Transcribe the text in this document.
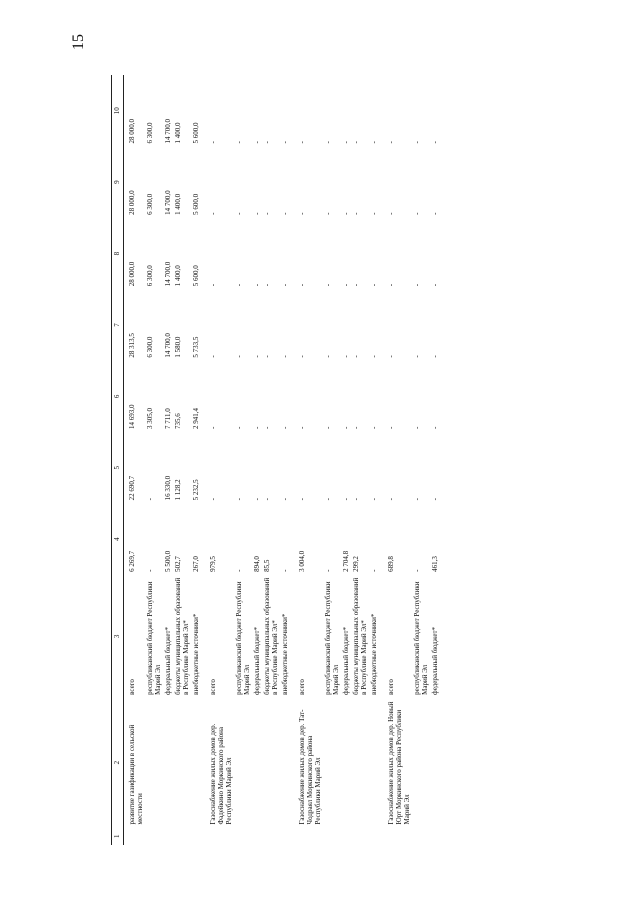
15
1	2	3	4	5	6	7	8	9	10
	развитие газификации в сельской местности	всего	6 269,7	22 690,7	14 693,0	28 313,5	28 000,0	28 000,0	28 000,0
		республиканский бюджет Республики Марий Эл	-	-	3 305,0	6 300,0	6 300,0	6 300,0	6 300,0
		федеральный бюджет*	5 500,0	16 330,0	7 711,0	14 700,0	14 700,0	14 700,0	14 700,0
		бюджеты муниципальных образований в Республике Марий Эл*	502,7	1 128,2	735,6	1 580,0	1 400,0	1 400,0	1 400,0
		внебюджетные источники*	267,0	5 232,5	2 941,4	5 733,5	5 600,0	5 600,0	5 600,0
	Газоснабжение жилых домов дер. Фадейкино Моркинского района Республики Марий Эл	всего	979,5	-	-	-	-	-	-
		республиканский бюджет Республики Марий Эл	-	-	-	-	-	-	-
		федеральный бюджет*	894,0	-	-	-	-	-	-
		бюджеты муниципальных образований в Республике Марий Эл*	85,5	-	-	-	-	-	-
		внебюджетные источники*	-	-	-	-	-	-	-
	Газоснабжение жилых домов дер. Тат-Чодраял Моркинского района Республики Марий Эл	всего	3 004,0	-	-	-	-	-	-
		республиканский бюджет Республики Марий Эл	-	-	-	-	-	-	-
		федеральный бюджет*	2 704,8	-	-	-	-	-	-
		бюджеты муниципальных образований в Республике Марий Эл*	299,2	-	-	-	-	-	-
		внебюджетные источники*	-	-	-	-	-	-	-
	Газоснабжение жилых домов дер. Новый Юрт Моркинского района Республики Марий Эл	всего	689,8	-	-	-	-	-	-
		республиканский бюджет Республики Марий Эл	-	-	-	-	-	-	-
		федеральный бюджет*	461,3	-	-	-	-	-	-
